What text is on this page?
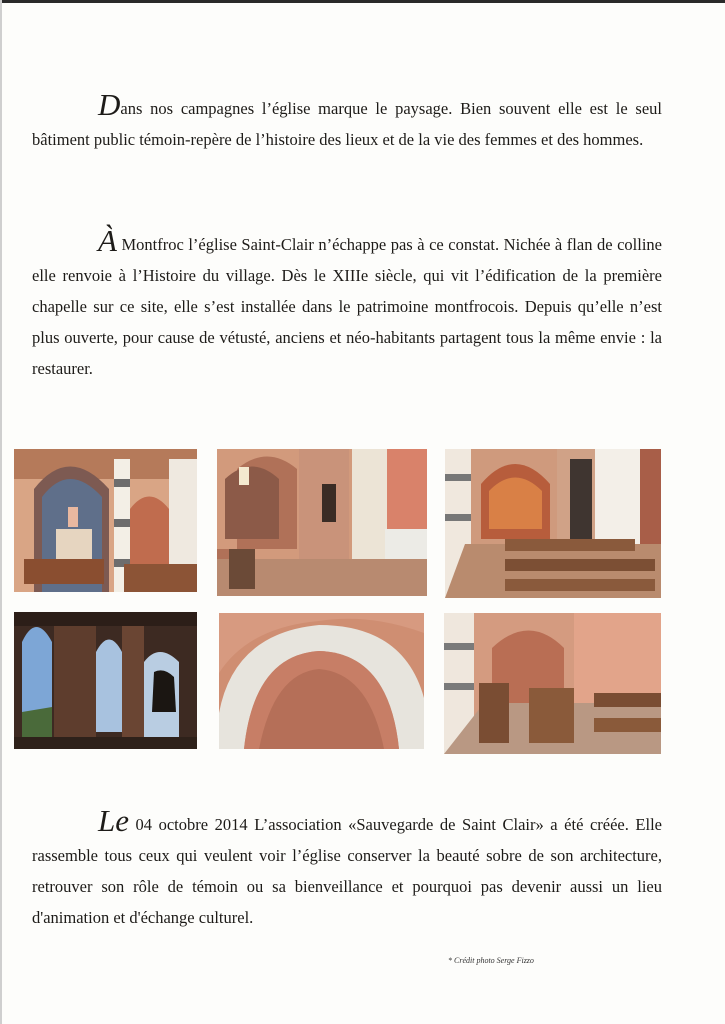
Dans nos campagnes l’église marque le paysage. Bien souvent elle est le seul bâtiment public témoin-repère de l’histoire des lieux et de la vie des femmes et des hommes.

À Montfroc l’église Saint-Clair n’échappe pas à ce constat. Nichée à flan de colline elle renvoie à l’Histoire du village. Dès le XIIIe siècle, qui vit l’édification de la première chapelle sur ce site, elle s’est installée dans le patrimoine montfrocois. Depuis qu’elle n’est plus ouverte, pour cause de vétusté, anciens et néo-habitants partagent tous la même envie : la restaurer.

Le 04 octobre 2014 L’association «Sauvegarde de Saint Clair» a été créée. Elle rassemble tous ceux qui veulent voir l’église conserver la beauté sobre de son architecture, retrouver son rôle de témoin ou sa bienveillance et pourquoi pas devenir aussi un lieu d'animation et d'échange culturel.

* Crédit photo Serge Fizzo
